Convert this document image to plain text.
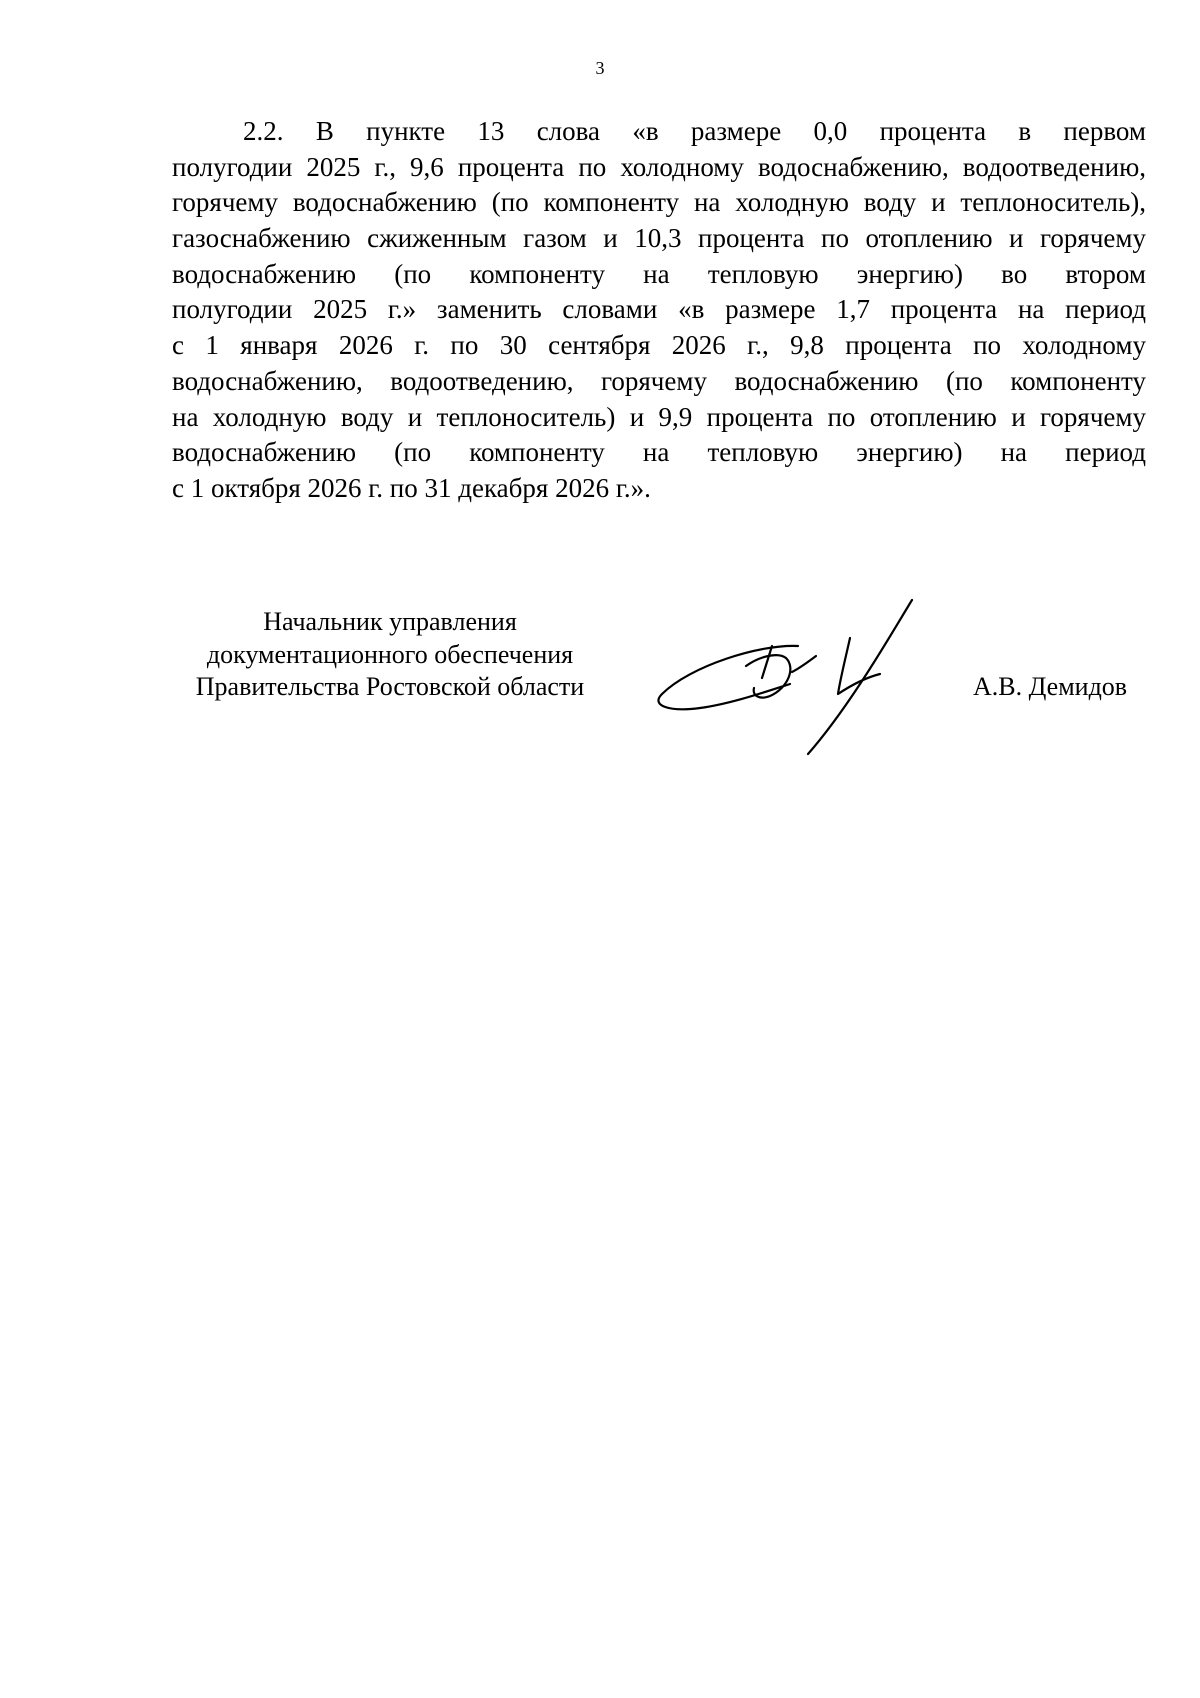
3
2.2. В пункте 13 слова «в размере 0,0 процента в первом
полугодии 2025 г., 9,6 процента по холодному водоснабжению, водоотведению,
горячему водоснабжению (по компоненту на холодную воду и теплоноситель),
газоснабжению сжиженным газом и 10,3 процента по отоплению и горячему
водоснабжению (по компоненту на тепловую энергию) во втором
полугодии 2025 г.» заменить словами «в размере 1,7 процента на период
с 1 января 2026 г. по 30 сентября 2026 г., 9,8 процента по холодному
водоснабжению, водоотведению, горячему водоснабжению (по компоненту
на холодную воду и теплоноситель) и 9,9 процента по отоплению и горячему
водоснабжению (по компоненту на тепловую энергию) на период
с 1 октября 2026 г. по 31 декабря 2026 г.».
Начальник управления
документационного обеспечения
Правительства Ростовской области	А.В. Демидов
